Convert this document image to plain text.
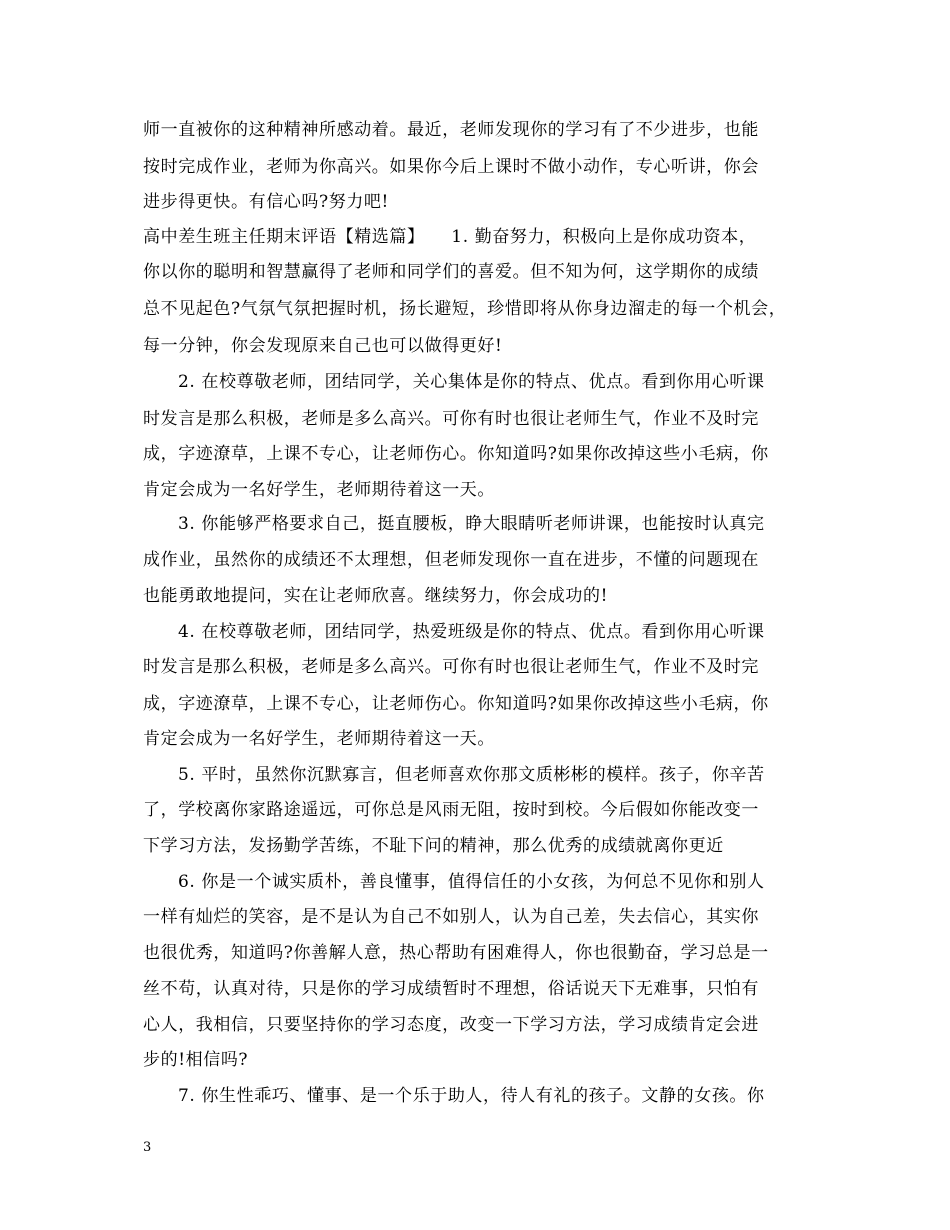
师一直被你的这种精神所感动着。最近，老师发现你的学习有了不少进步，也能
按时完成作业，老师为你高兴。如果你今后上课时不做小动作，专心听讲，你会
进步得更快。有信心吗?努力吧!
高中差生班主任期末评语【精选篇】　　1. 勤奋努力，积极向上是你成功资本，
你以你的聪明和智慧赢得了老师和同学们的喜爱。但不知为何，这学期你的成绩
总不见起色?气氛气氛把握时机，扬长避短，珍惜即将从你身边溜走的每一个机会，
每一分钟，你会发现原来自己也可以做得更好!
2. 在校尊敬老师，团结同学，关心集体是你的特点、优点。看到你用心听课
时发言是那么积极，老师是多么高兴。可你有时也很让老师生气，作业不及时完
成，字迹潦草，上课不专心，让老师伤心。你知道吗?如果你改掉这些小毛病，你
肯定会成为一名好学生，老师期待着这一天。
3. 你能够严格要求自己，挺直腰板，睁大眼睛听老师讲课，也能按时认真完
成作业，虽然你的成绩还不太理想，但老师发现你一直在进步，不懂的问题现在
也能勇敢地提问，实在让老师欣喜。继续努力，你会成功的!
4. 在校尊敬老师，团结同学，热爱班级是你的特点、优点。看到你用心听课
时发言是那么积极，老师是多么高兴。可你有时也很让老师生气，作业不及时完
成，字迹潦草，上课不专心，让老师伤心。你知道吗?如果你改掉这些小毛病，你
肯定会成为一名好学生，老师期待着这一天。
5. 平时，虽然你沉默寡言，但老师喜欢你那文质彬彬的模样。孩子，你辛苦
了，学校离你家路途遥远，可你总是风雨无阻，按时到校。今后假如你能改变一
下学习方法，发扬勤学苦练，不耻下问的精神，那么优秀的成绩就离你更近
6. 你是一个诚实质朴，善良懂事，值得信任的小女孩，为何总不见你和别人
一样有灿烂的笑容，是不是认为自己不如别人，认为自己差，失去信心，其实你
也很优秀，知道吗?你善解人意，热心帮助有困难得人，你也很勤奋，学习总是一
丝不苟，认真对待，只是你的学习成绩暂时不理想，俗话说天下无难事，只怕有
心人，我相信，只要坚持你的学习态度，改变一下学习方法，学习成绩肯定会进
步的!相信吗?
7. 你生性乖巧、懂事、是一个乐于助人，待人有礼的孩子。文静的女孩。你
3
